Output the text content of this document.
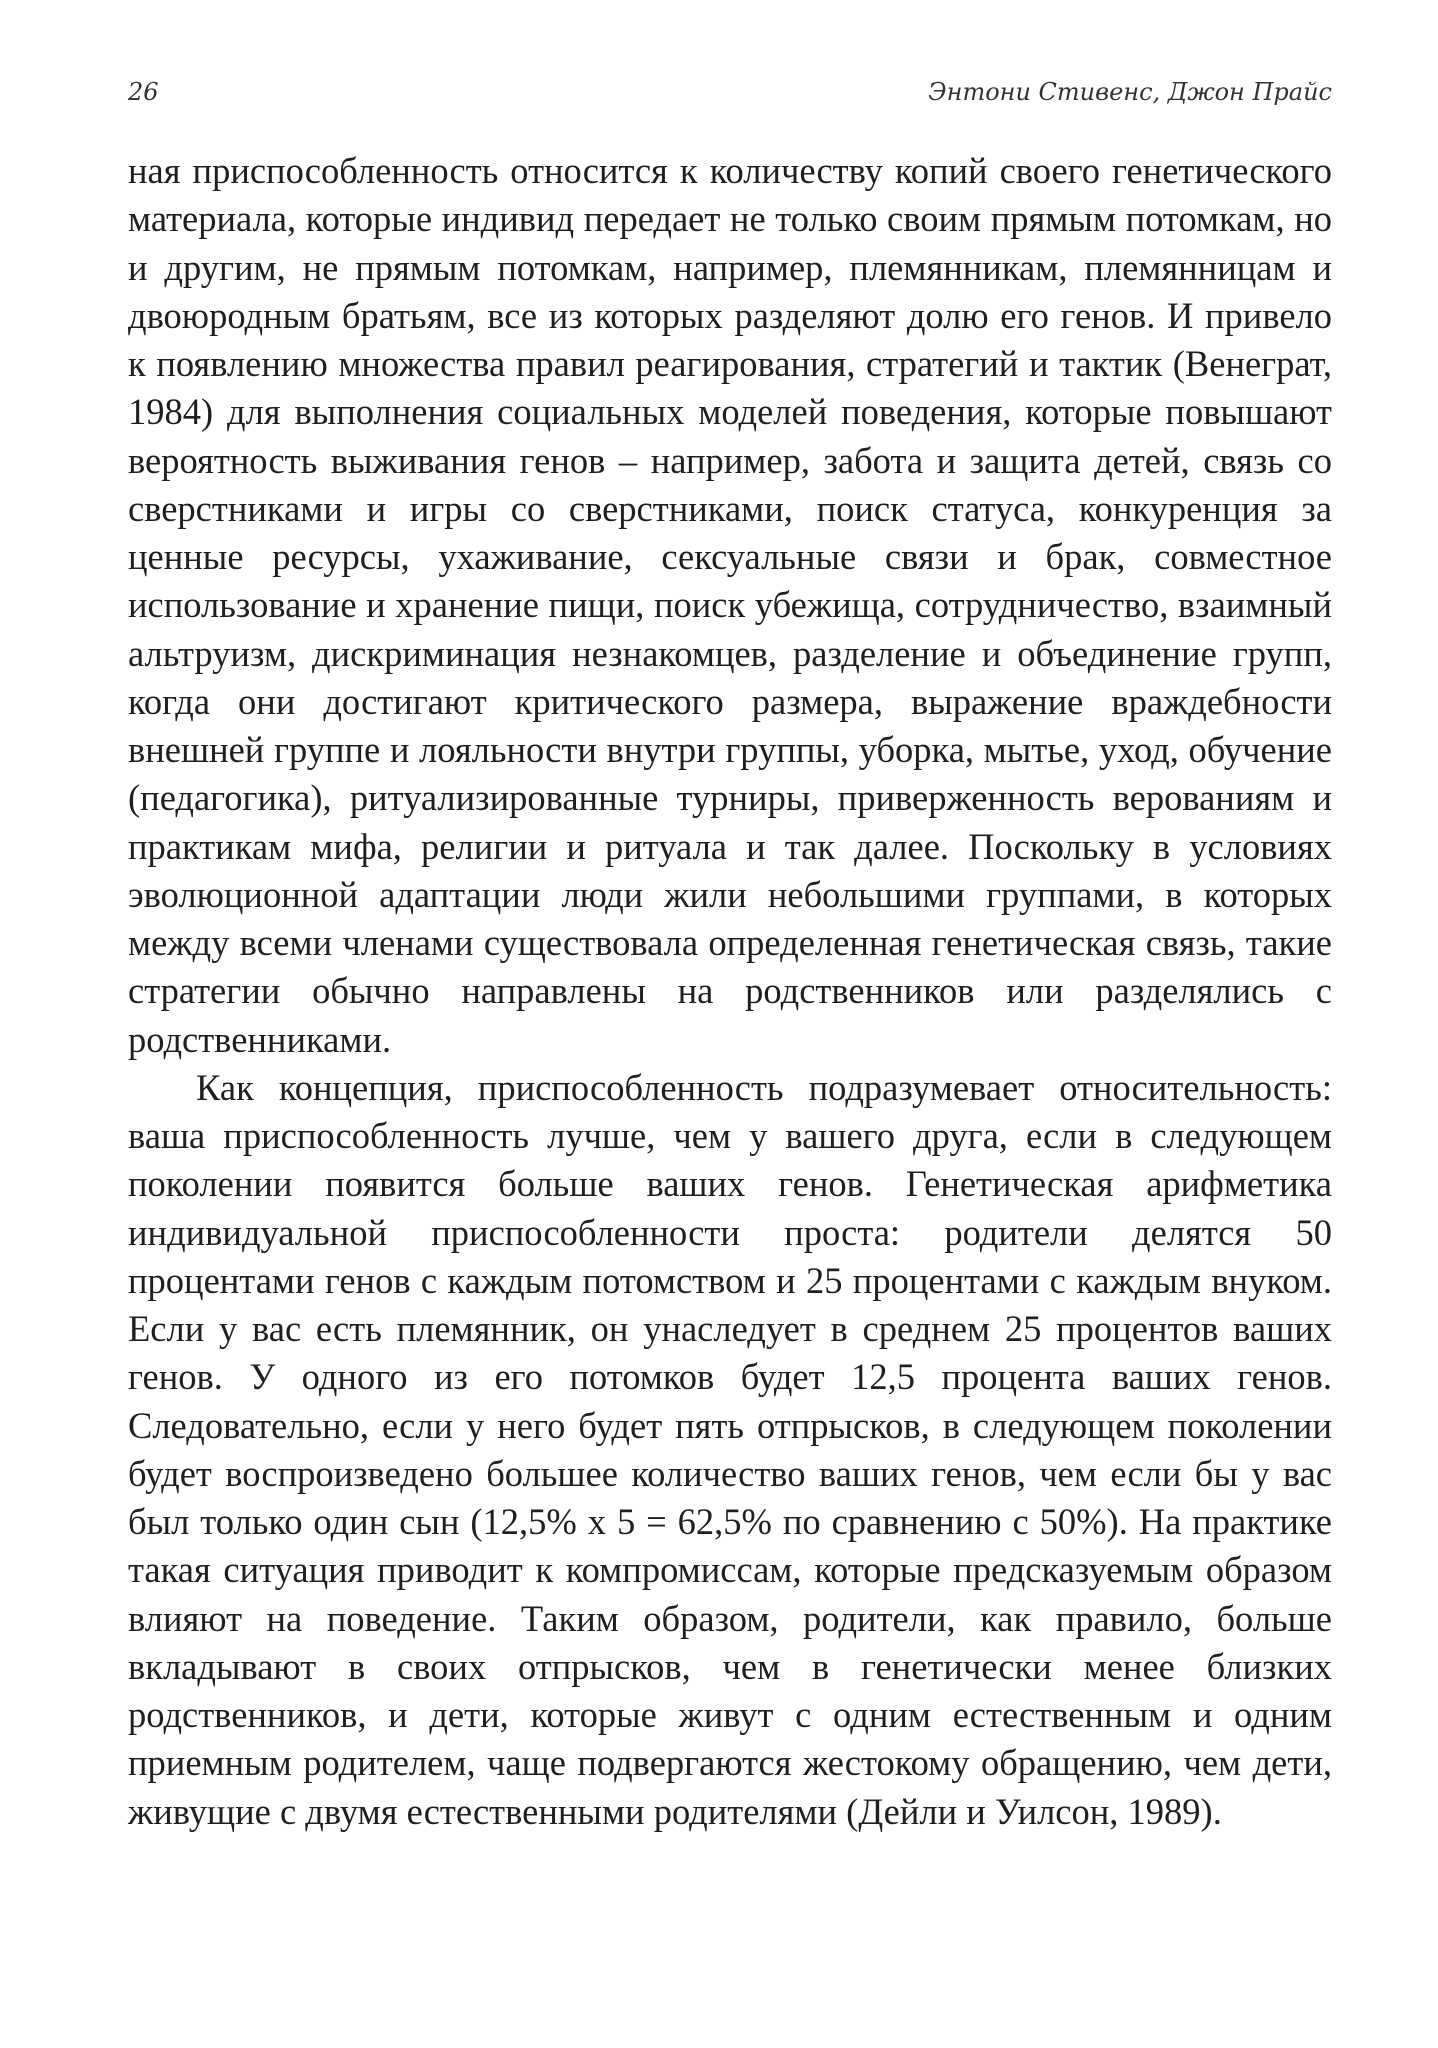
26	Энтони Стивенс, Джон Прайс

ная приспособленность относится к количеству копий своего генетического материала, которые индивид передает не только своим прямым потомкам, но и другим, не прямым потомкам, например, племянникам, племянницам и двоюродным братьям, все из которых разделяют долю его генов. И привело к появлению множества правил реагирования, стратегий и тактик (Венеграт, 1984) для выполнения социальных моделей поведения, которые повышают вероятность выживания генов – например, забота и защита детей, связь со сверстниками и игры со сверстниками, поиск статуса, конкуренция за ценные ресурсы, ухаживание, сексуальные связи и брак, совместное использование и хранение пищи, поиск убежища, сотрудничество, взаимный альтруизм, дискриминация незнакомцев, разделение и объединение групп, когда они достигают критического размера, выражение враждебности внешней группе и лояльности внутри группы, уборка, мытье, уход, обучение (педагогика), ритуализированные турниры, приверженность верованиям и практикам мифа, религии и ритуала и так далее. Поскольку в условиях эволюционной адаптации люди жили небольшими группами, в которых между всеми членами существовала определенная генетическая связь, такие стратегии обычно направлены на родственников или разделялись с родственниками.

Как концепция, приспособленность подразумевает относительность: ваша приспособленность лучше, чем у вашего друга, если в следующем поколении появится больше ваших генов. Генетическая арифметика индивидуальной приспособленности проста: родители делятся 50 процентами генов с каждым потомством и 25 процентами с каждым внуком. Если у вас есть племянник, он унаследует в среднем 25 процентов ваших генов. У одного из его потомков будет 12,5 процента ваших генов. Следовательно, если у него будет пять отпрысков, в следующем поколении будет воспроизведено большее количество ваших генов, чем если бы у вас был только один сын (12,5% x 5 = 62,5% по сравнению с 50%). На практике такая ситуация приводит к компромиссам, которые предсказуемым образом влияют на поведение. Таким образом, родители, как правило, больше вкладывают в своих отпрысков, чем в генетически менее близких родственников, и дети, которые живут с одним естественным и одним приемным родителем, чаще подвергаются жестокому обращению, чем дети, живущие с двумя естественными родителями (Дейли и Уилсон, 1989).
